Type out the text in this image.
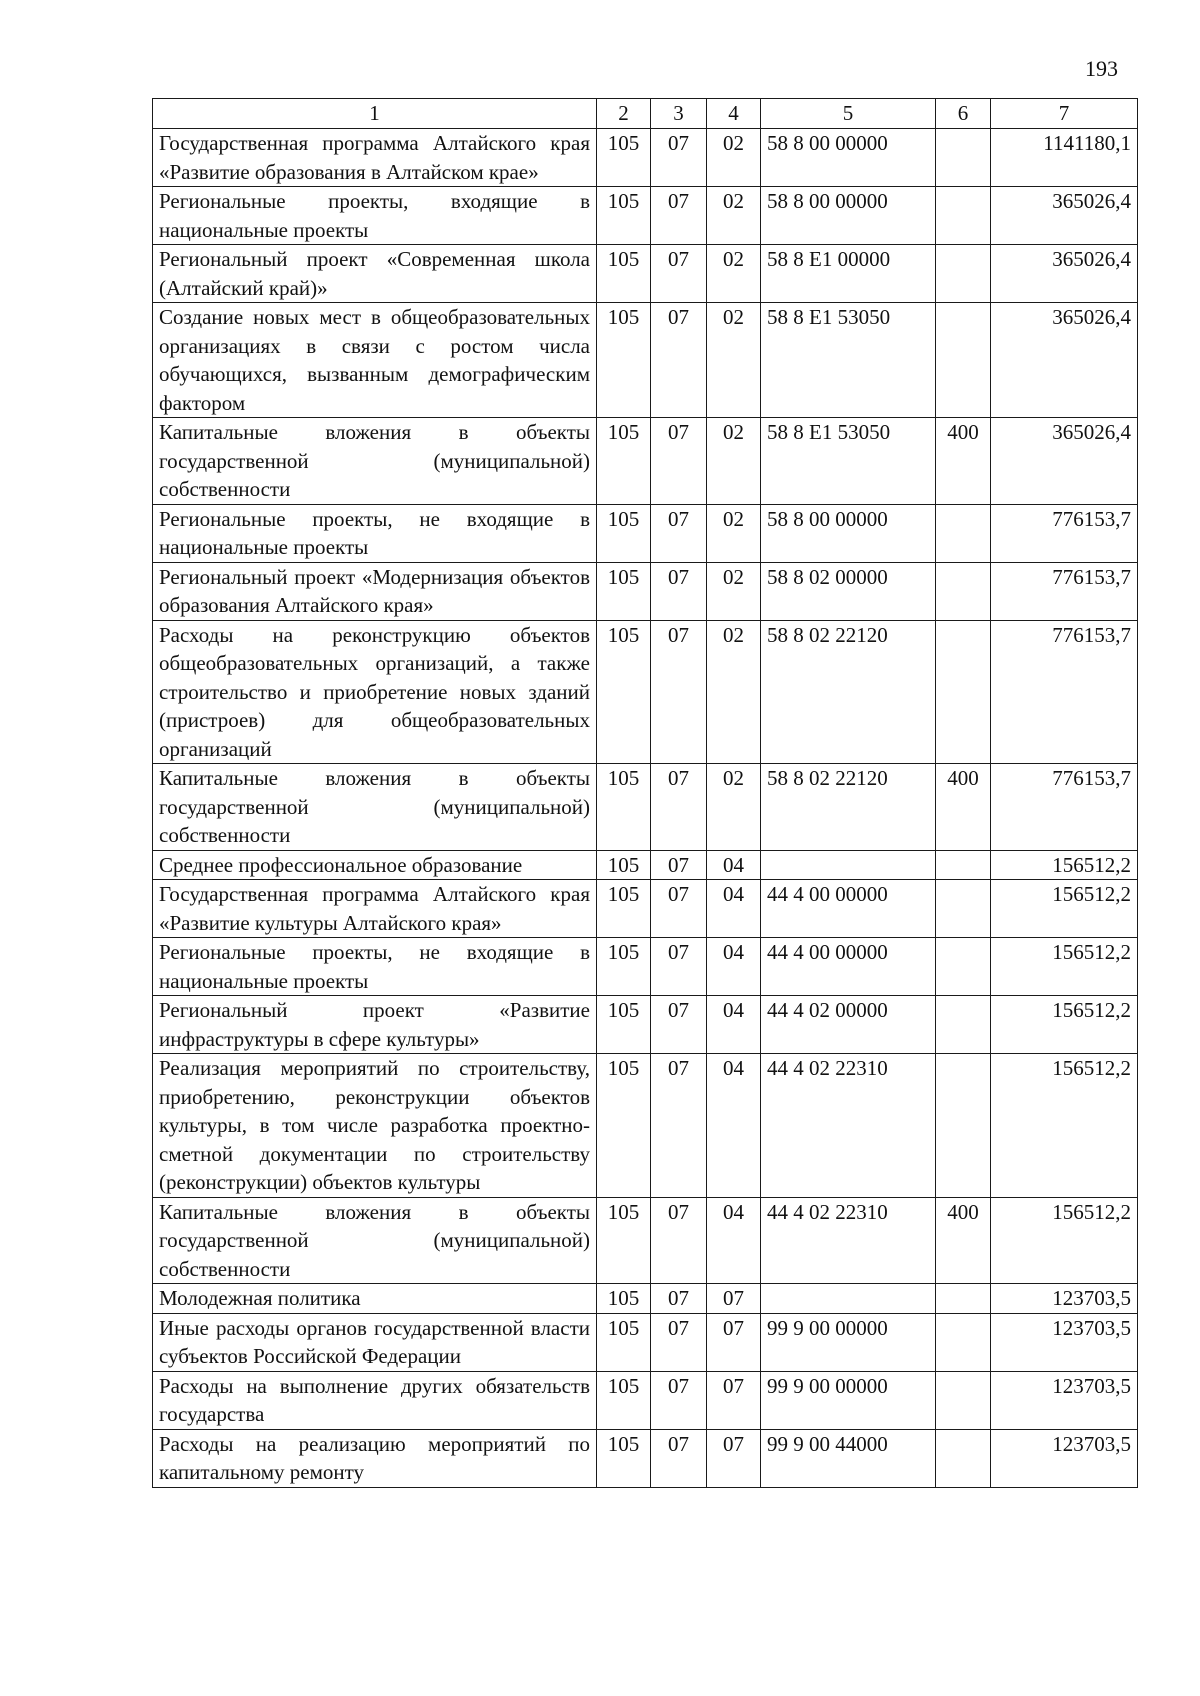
193
1	2	3	4	5	6	7
Государственная программа Алтайского края «Развитие образования в Алтайском крае»	105	07	02	58 8 00 00000		1141180,1
Региональные проекты, входящие в национальные проекты	105	07	02	58 8 00 00000		365026,4
Региональный проект «Современная школа (Алтайский край)»	105	07	02	58 8 E1 00000		365026,4
Создание новых мест в общеобразовательных организациях в связи с ростом числа обучающихся, вызванным демографическим фактором	105	07	02	58 8 E1 53050		365026,4
Капитальные вложения в объекты государственной (муниципальной) собственности	105	07	02	58 8 E1 53050	400	365026,4
Региональные проекты, не входящие в национальные проекты	105	07	02	58 8 00 00000		776153,7
Региональный проект «Модернизация объектов образования Алтайского края»	105	07	02	58 8 02 00000		776153,7
Расходы на реконструкцию объектов общеобразовательных организаций, а также строительство и приобретение новых зданий (пристроев) для общеобразовательных организаций	105	07	02	58 8 02 22120		776153,7
Капитальные вложения в объекты государственной (муниципальной) собственности	105	07	02	58 8 02 22120	400	776153,7
Среднее профессиональное образование	105	07	04			156512,2
Государственная программа Алтайского края «Развитие культуры Алтайского края»	105	07	04	44 4 00 00000		156512,2
Региональные проекты, не входящие в национальные проекты	105	07	04	44 4 00 00000		156512,2
Региональный проект «Развитие инфраструктуры в сфере культуры»	105	07	04	44 4 02 00000		156512,2
Реализация мероприятий по строительству, приобретению, реконструкции объектов культуры, в том числе разработка проектно-сметной документации по строительству (реконструкции) объектов культуры	105	07	04	44 4 02 22310		156512,2
Капитальные вложения в объекты государственной (муниципальной) собственности	105	07	04	44 4 02 22310	400	156512,2
Молодежная политика	105	07	07			123703,5
Иные расходы органов государственной власти субъектов Российской Федерации	105	07	07	99 9 00 00000		123703,5
Расходы на выполнение других обязательств государства	105	07	07	99 9 00 00000		123703,5
Расходы на реализацию мероприятий по капитальному ремонту	105	07	07	99 9 00 44000		123703,5
